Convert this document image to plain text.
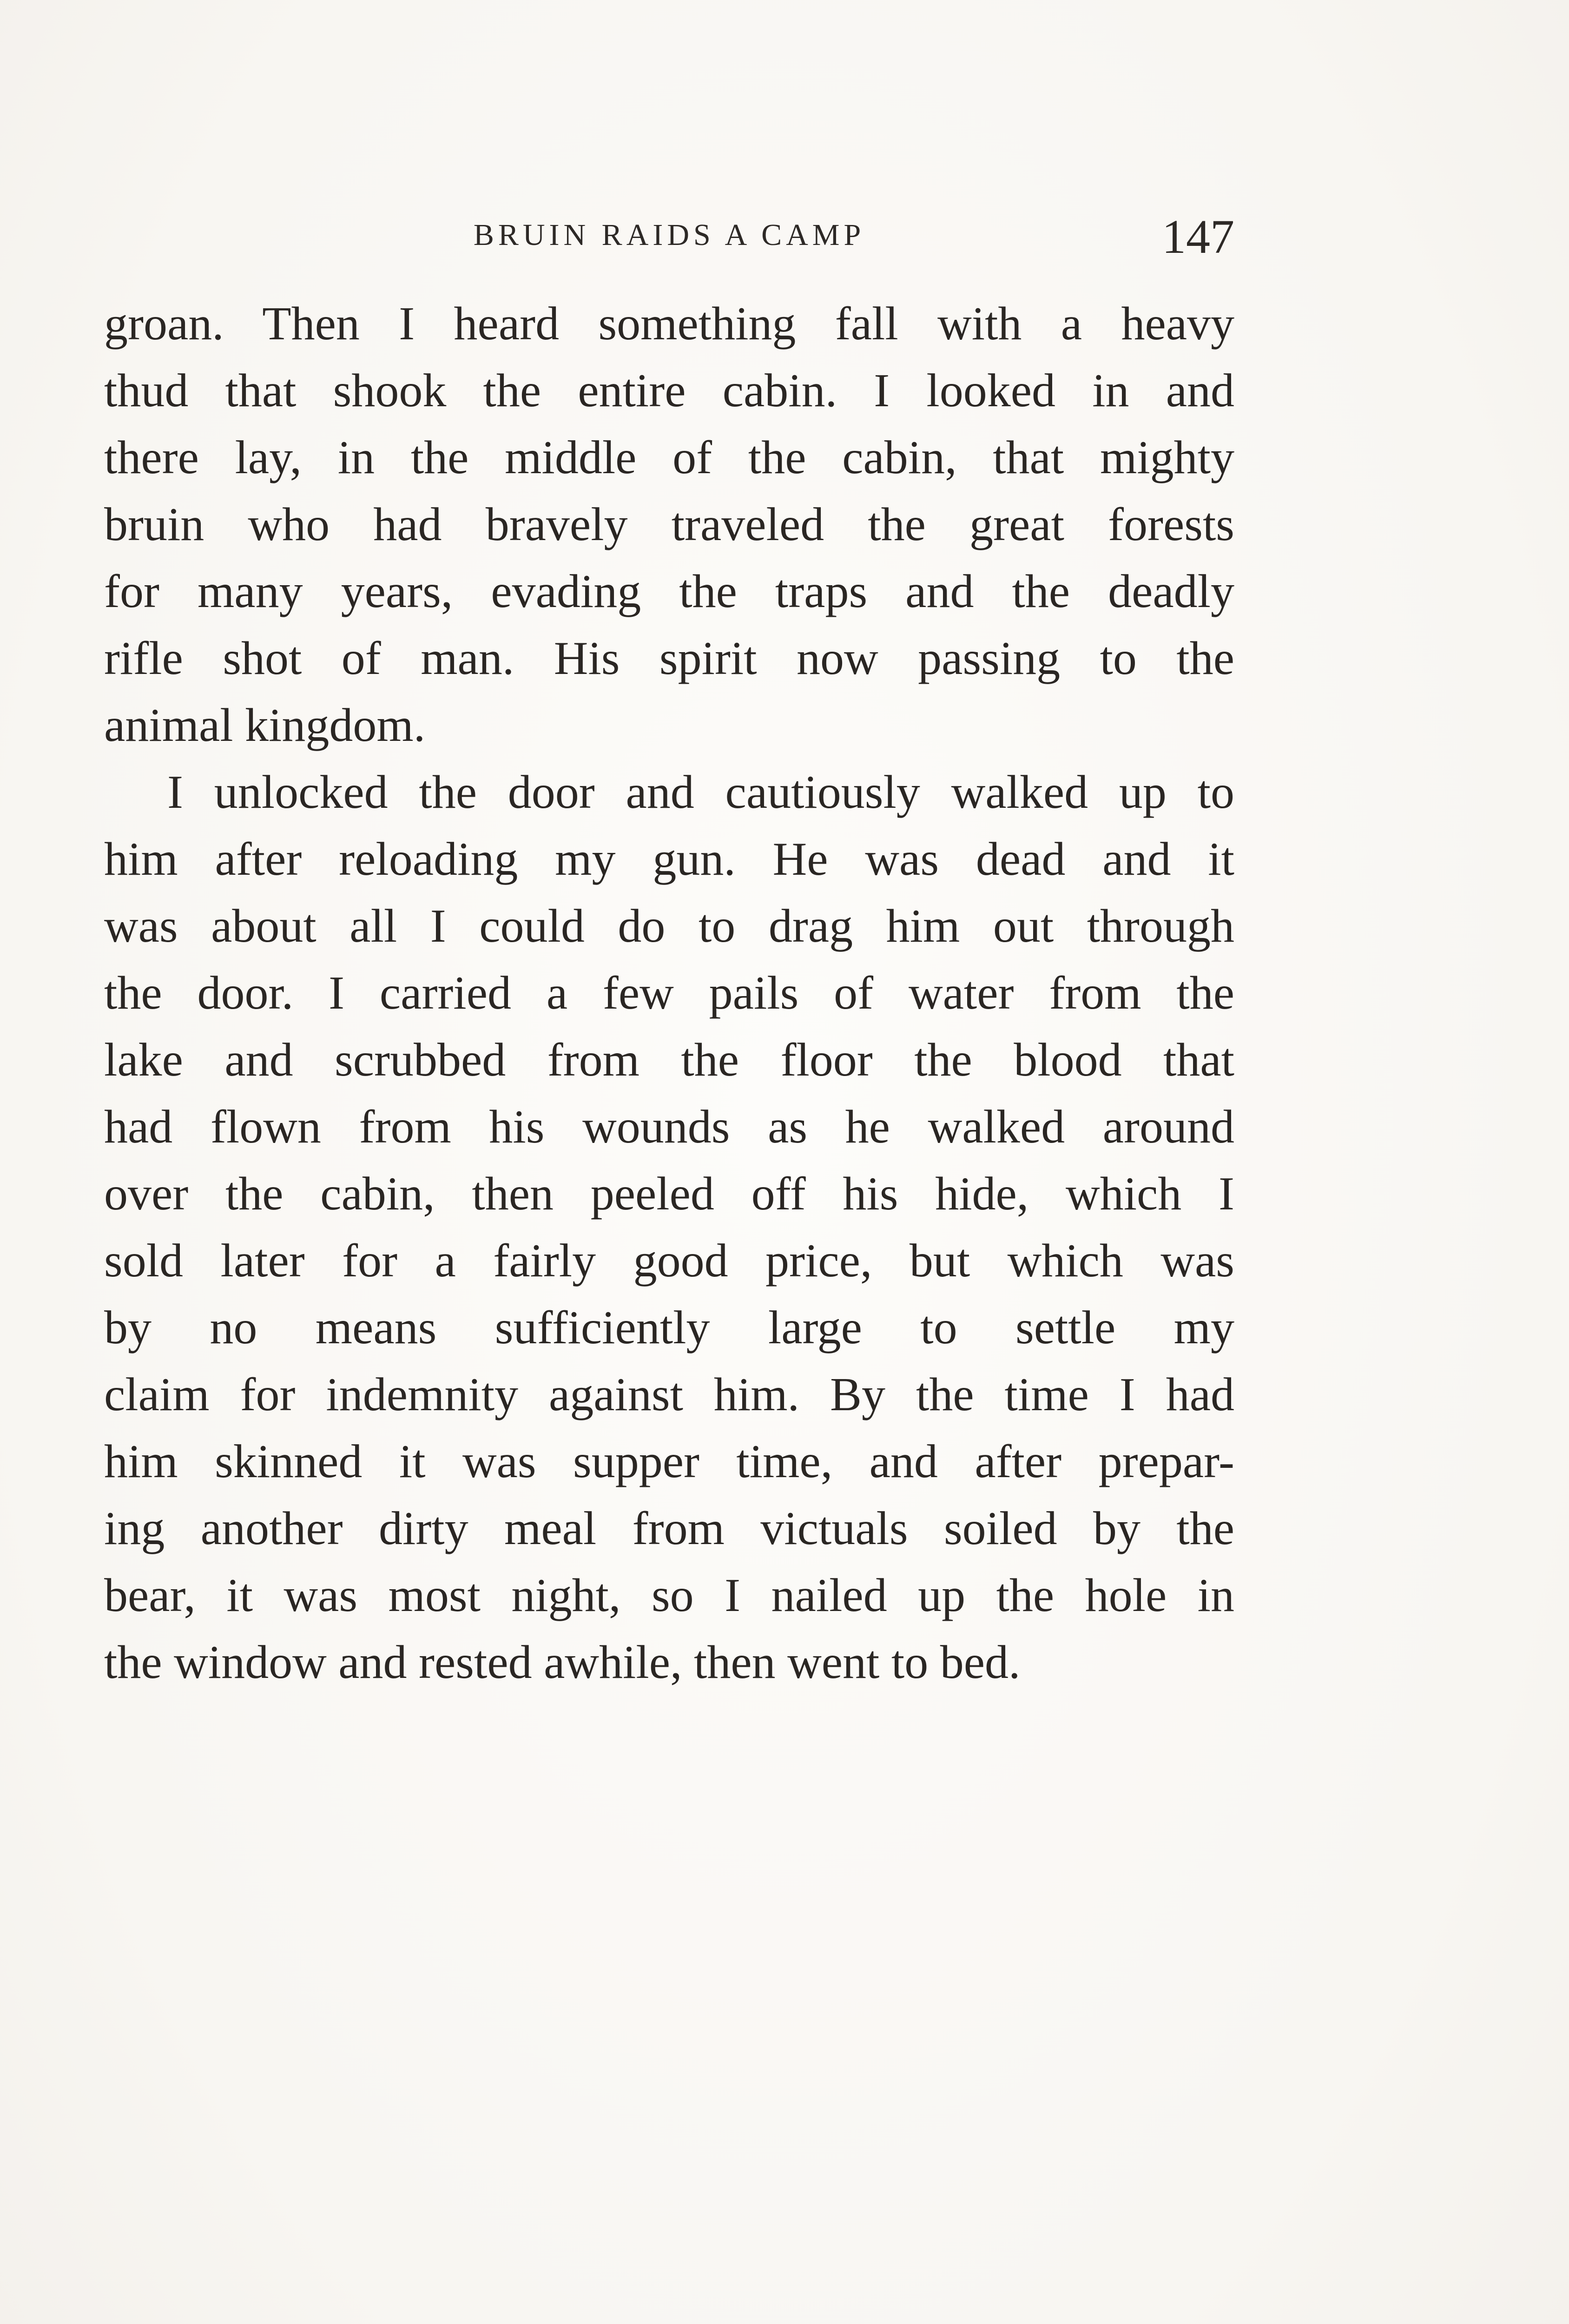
BRUIN RAIDS A CAMP	147
groan. Then I heard something fall with a heavy
thud that shook the entire cabin. I looked in and
there lay, in the middle of the cabin, that mighty
bruin who had bravely traveled the great forests
for many years, evading the traps and the deadly
rifle shot of man. His spirit now passing to the
animal kingdom.
I unlocked the door and cautiously walked up to
him after reloading my gun. He was dead and it
was about all I could do to drag him out through
the door. I carried a few pails of water from the
lake and scrubbed from the floor the blood that
had flown from his wounds as he walked around
over the cabin, then peeled off his hide, which I
sold later for a fairly good price, but which was
by no means sufficiently large to settle my
claim for indemnity against him. By the time I had
him skinned it was supper time, and after prepar-
ing another dirty meal from victuals soiled by the
bear, it was most night, so I nailed up the hole in
the window and rested awhile, then went to bed.
